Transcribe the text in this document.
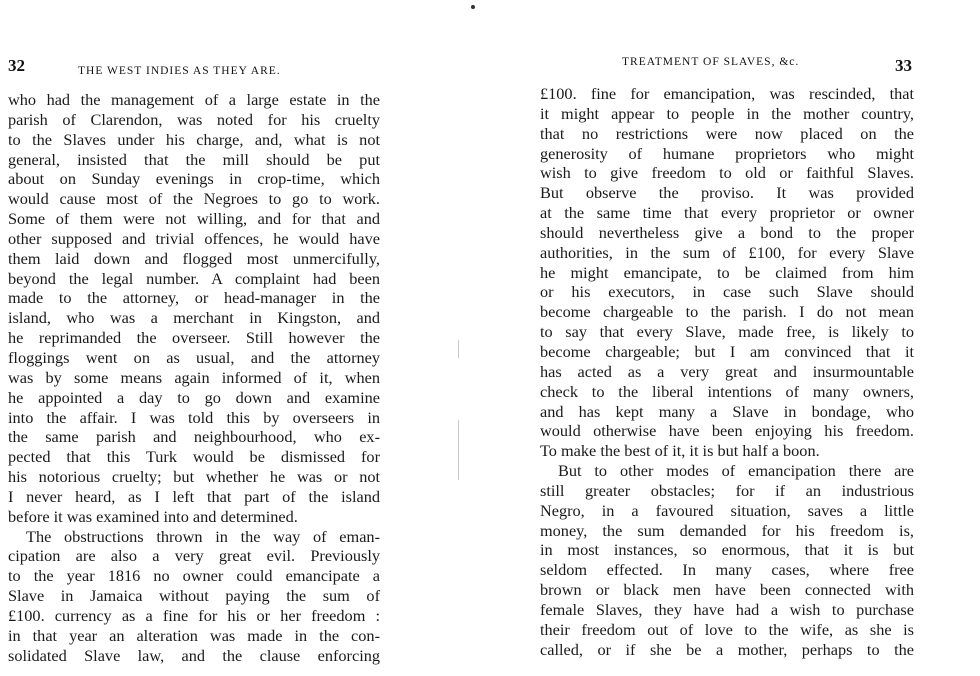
32	THE WEST INDIES AS THEY ARE.
who had the management of a large estate in the
parish of Clarendon, was noted for his cruelty
to the Slaves under his charge, and, what is not
general, insisted that the mill should be put
about on Sunday evenings in crop-time, which
would cause most of the Negroes to go to work.
Some of them were not willing, and for that and
other supposed and trivial offences, he would have
them laid down and flogged most unmercifully,
beyond the legal number. A complaint had been
made to the attorney, or head-manager in the
island, who was a merchant in Kingston, and
he reprimanded the overseer. Still however the
floggings went on as usual, and the attorney
was by some means again informed of it, when
he appointed a day to go down and examine
into the affair. I was told this by overseers in
the same parish and neighbourhood, who ex-
pected that this Turk would be dismissed for
his notorious cruelty; but whether he was or not
I never heard, as I left that part of the island
before it was examined into and determined.
The obstructions thrown in the way of eman-
cipation are also a very great evil. Previously
to the year 1816 no owner could emancipate a
Slave in Jamaica without paying the sum of
£100. currency as a fine for his or her freedom :
in that year an alteration was made in the con-
solidated Slave law, and the clause enforcing
TREATMENT OF SLAVES, &c.	33
£100. fine for emancipation, was rescinded, that
it might appear to people in the mother country,
that no restrictions were now placed on the
generosity of humane proprietors who might
wish to give freedom to old or faithful Slaves.
But observe the proviso. It was provided
at the same time that every proprietor or owner
should nevertheless give a bond to the proper
authorities, in the sum of £100, for every Slave
he might emancipate, to be claimed from him
or his executors, in case such Slave should
become chargeable to the parish. I do not mean
to say that every Slave, made free, is likely to
become chargeable; but I am convinced that it
has acted as a very great and insurmountable
check to the liberal intentions of many owners,
and has kept many a Slave in bondage, who
would otherwise have been enjoying his freedom.
To make the best of it, it is but half a boon.
But to other modes of emancipation there are
still greater obstacles; for if an industrious
Negro, in a favoured situation, saves a little
money, the sum demanded for his freedom is,
in most instances, so enormous, that it is but
seldom effected. In many cases, where free
brown or black men have been connected with
female Slaves, they have had a wish to purchase
their freedom out of love to the wife, as she is
called, or if she be a mother, perhaps to the
